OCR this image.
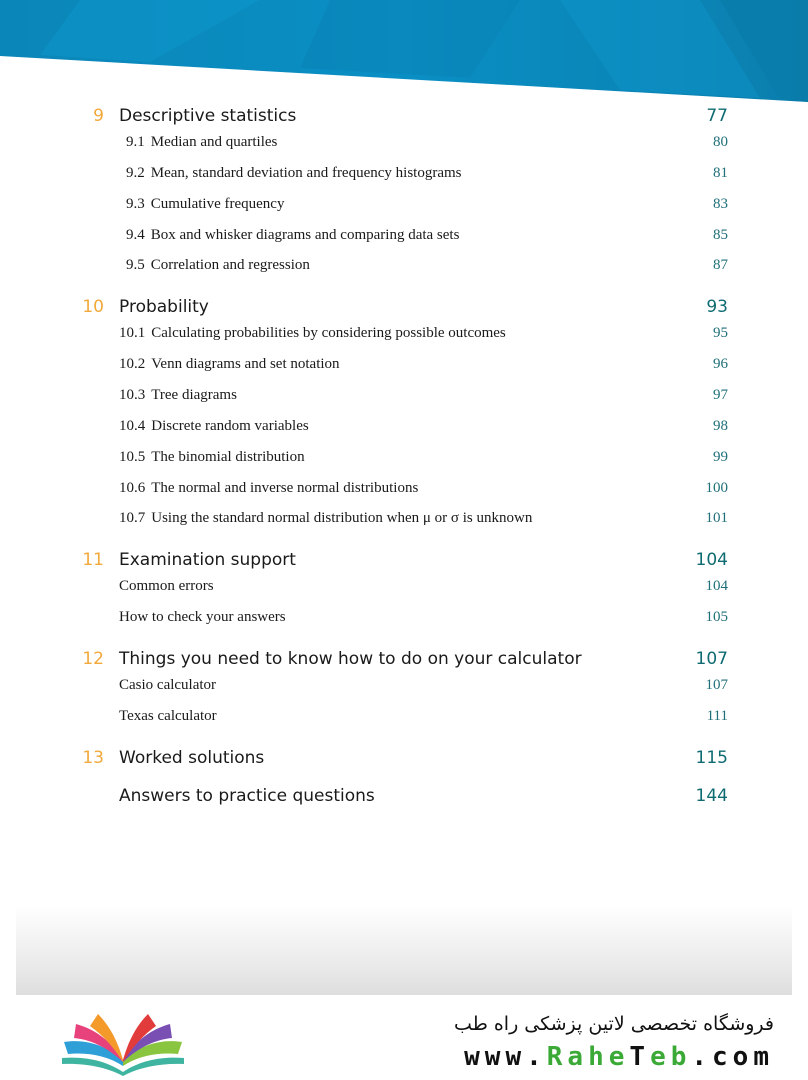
9 Descriptive statistics	77
9.1 Median and quartiles	80
9.2 Mean, standard deviation and frequency histograms	81
9.3 Cumulative frequency	83
9.4 Box and whisker diagrams and comparing data sets	85
9.5 Correlation and regression	87
10 Probability	93
10.1 Calculating probabilities by considering possible outcomes	95
10.2 Venn diagrams and set notation	96
10.3 Tree diagrams	97
10.4 Discrete random variables	98
10.5 The binomial distribution	99
10.6 The normal and inverse normal distributions	100
10.7 Using the standard normal distribution when μ or σ is unknown	101
11 Examination support	104
Common errors	104
How to check your answers	105
12 Things you need to know how to do on your calculator	107
Casio calculator	107
Texas calculator	111
13 Worked solutions	115
Answers to practice questions	144
فروشگاه تخصصی لاتین پزشکی راه طب
www.RaheTeb.com
